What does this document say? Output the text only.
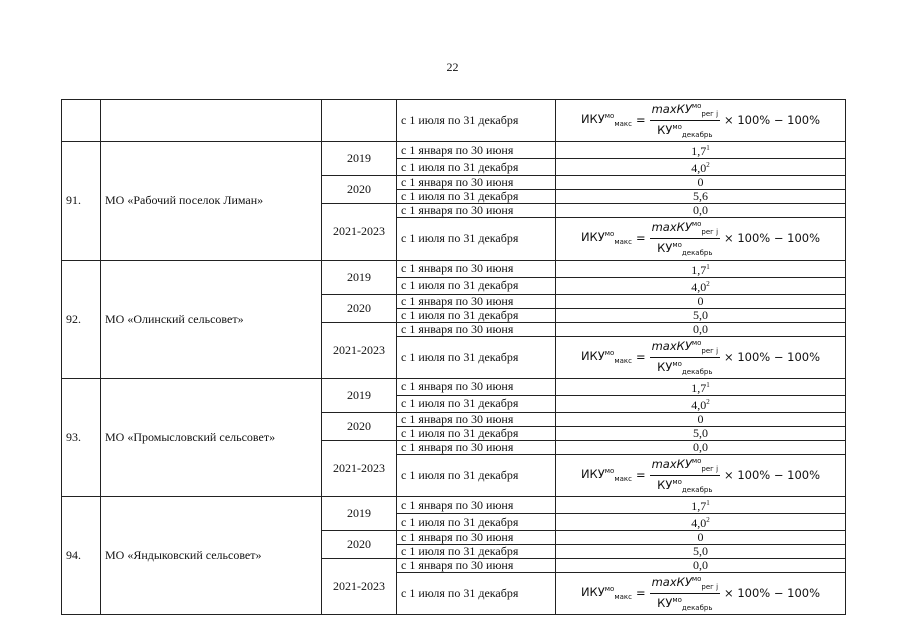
22
			с 1 июля по 31 декабря	$ИКУ^{мо}_{макс} = \frac{\max КУ^{мо}_{рег j}}{КУ^{мо}_{декабрь}} \times 100\% - 100\%$

91.	МО «Рабочий поселок Лиман»	2019	с 1 января по 30 июня	1,7$^1$
			с 1 июля по 31 декабря	4,0$^2$
		2020	с 1 января по 30 июня	0
			с 1 июля по 31 декабря	5,6
		2021-2023	с 1 января по 30 июня	0,0
			с 1 июля по 31 декабря	$ИКУ^{мо}_{макс} = \frac{\max КУ^{мо}_{рег j}}{КУ^{мо}_{декабрь}} \times 100\% - 100\%$

92.	МО «Олинский сельсовет»	2019	с 1 января по 30 июня	1,7$^1$
			с 1 июля по 31 декабря	4,0$^2$
		2020	с 1 января по 30 июня	0
			с 1 июля по 31 декабря	5,0
		2021-2023	с 1 января по 30 июня	0,0
			с 1 июля по 31 декабря	$ИКУ^{мо}_{макс} = \frac{\max КУ^{мо}_{рег j}}{КУ^{мо}_{декабрь}} \times 100\% - 100\%$

93.	МО «Промысловский сельсовет»	2019	с 1 января по 30 июня	1,7$^1$
			с 1 июля по 31 декабря	4,0$^2$
		2020	с 1 января по 30 июня	0
			с 1 июля по 31 декабря	5,0
		2021-2023	с 1 января по 30 июня	0,0
			с 1 июля по 31 декабря	$ИКУ^{мо}_{макс} = \frac{\max КУ^{мо}_{рег j}}{КУ^{мо}_{декабрь}} \times 100\% - 100\%$

94.	МО «Яндыковский сельсовет»	2019	с 1 января по 30 июня	1,7$^1$
			с 1 июля по 31 декабря	4,0$^2$
		2020	с 1 января по 30 июня	0
			с 1 июля по 31 декабря	5,0
		2021-2023	с 1 января по 30 июня	0,0
			с 1 июля по 31 декабря	$ИКУ^{мо}_{макс} = \frac{\max КУ^{мо}_{рег j}}{КУ^{мо}_{декабрь}} \times 100\% - 100\%$
